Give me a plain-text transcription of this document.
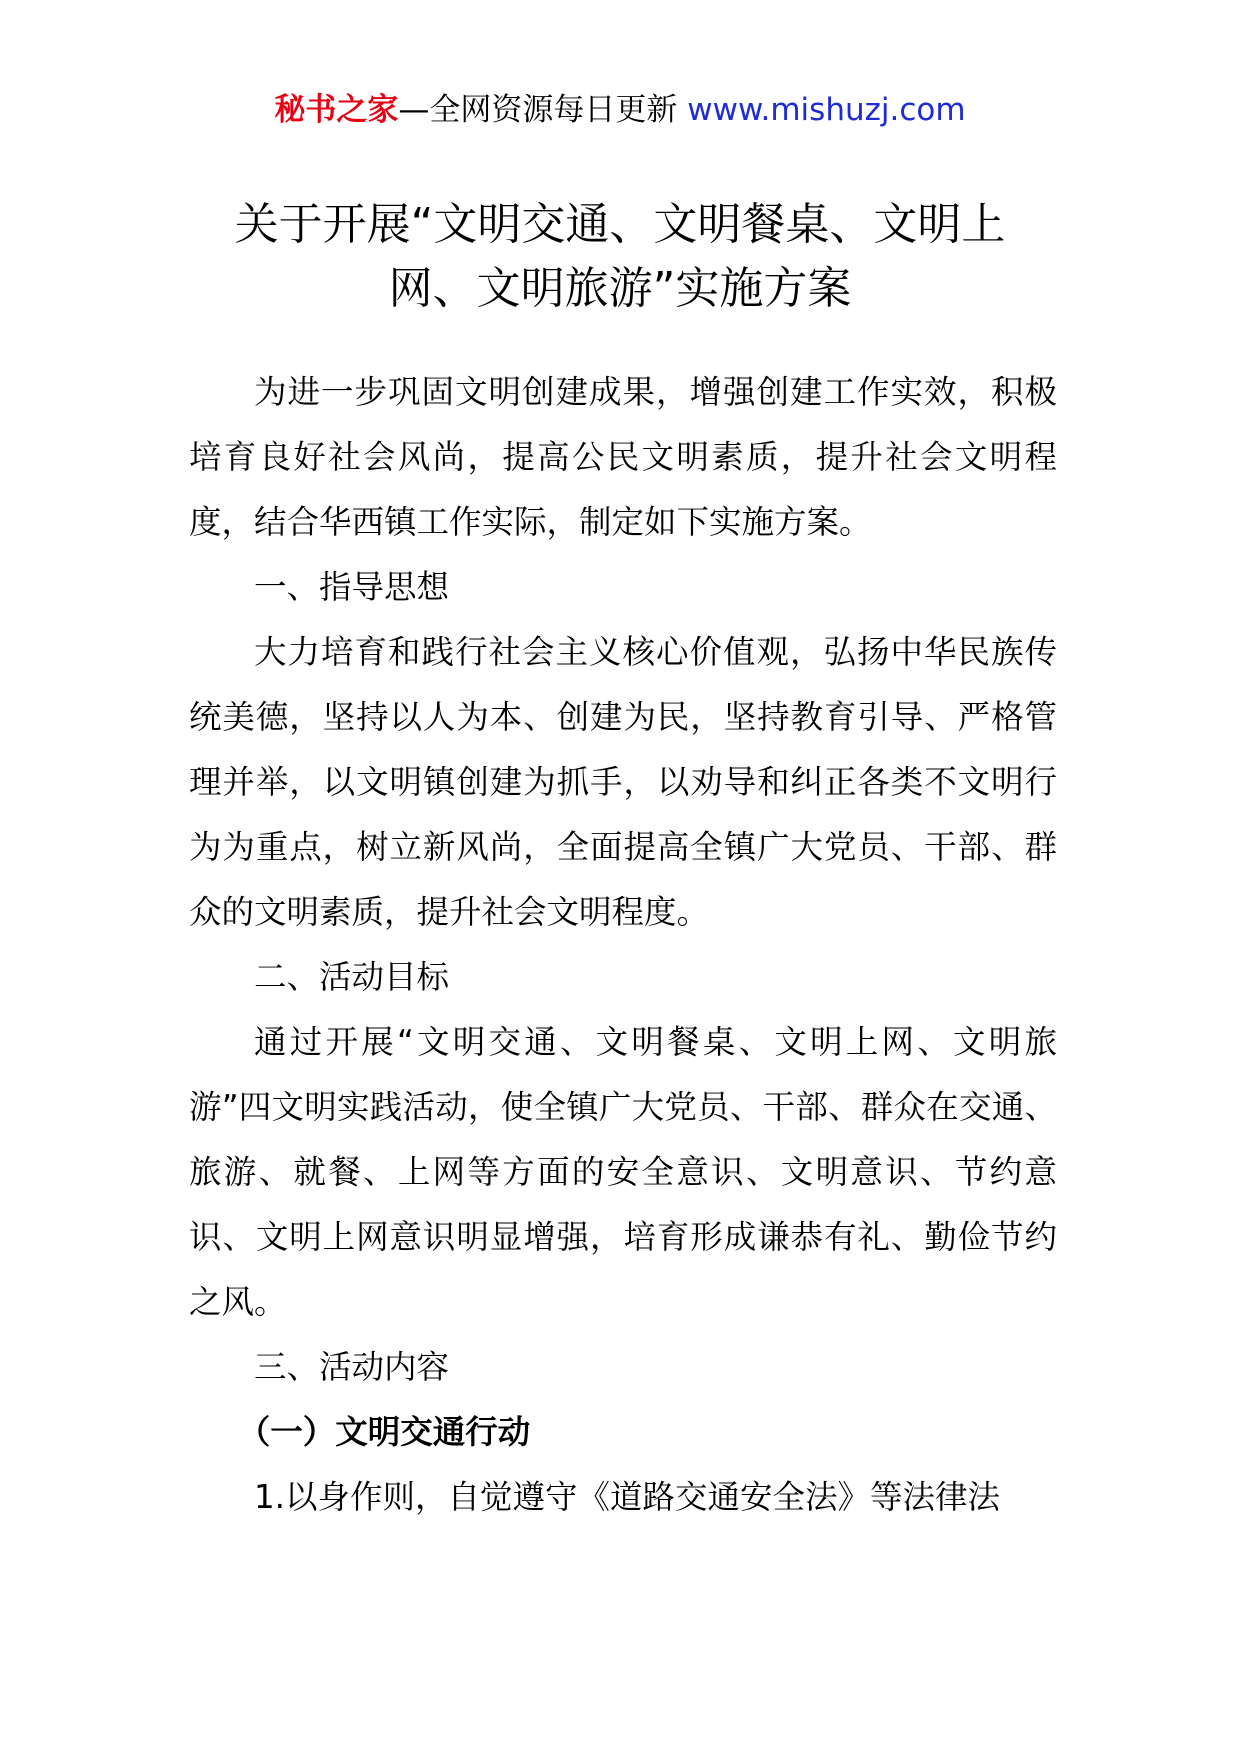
秘书之家—全网资源每日更新 www.mishuzj.com
关于开展“文明交通、文明餐桌、文明上
网、文明旅游”实施方案

为进一步巩固文明创建成果，增强创建工作实效，积极培育良好社会风尚，提高公民文明素质，提升社会文明程度，结合华西镇工作实际，制定如下实施方案。

一、指导思想

大力培育和践行社会主义核心价值观，弘扬中华民族传统美德，坚持以人为本、创建为民，坚持教育引导、严格管理并举，以文明镇创建为抓手，以劝导和纠正各类不文明行为为重点，树立新风尚，全面提高全镇广大党员、干部、群众的文明素质，提升社会文明程度。

二、活动目标

通过开展“文明交通、文明餐桌、文明上网、文明旅游”四文明实践活动，使全镇广大党员、干部、群众在交通、旅游、就餐、上网等方面的安全意识、文明意识、节约意识、文明上网意识明显增强，培育形成谦恭有礼、勤俭节约之风。

三、活动内容

（一）文明交通行动

1.以身作则，自觉遵守《道路交通安全法》等法律法
